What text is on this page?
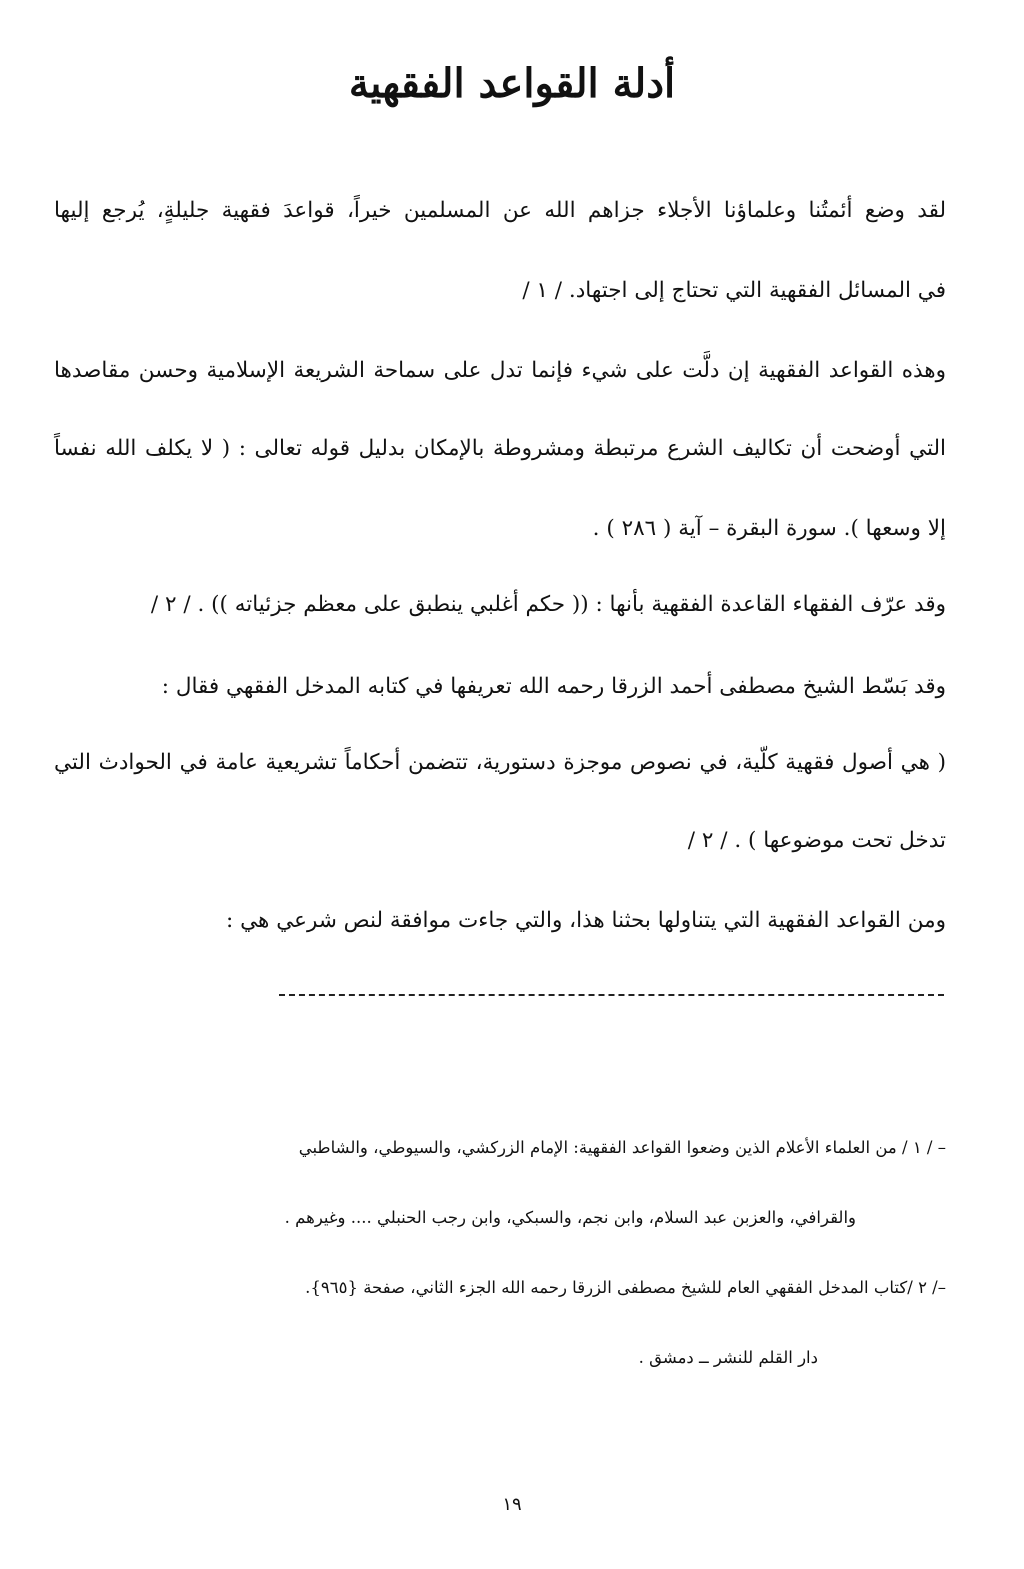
أدلة القواعد الفقهية

لقد وضع أئمتُنا وعلماؤنا الأجلاء جزاهم الله عن المسلمين خيراً، قواعدَ فقهية جليلةٍ، يُرجع إليها

في المسائل الفقهية التي تحتاج إلى اجتهاد. / ١ /

وهذه القواعد الفقهية إن دلَّت على شيء فإنما تدل على سماحة الشريعة الإسلامية وحسن مقاصدها

التي أوضحت أن تكاليف الشرع مرتبطة ومشروطة بالإمكان بدليل قوله تعالى : ( لا يكلف الله نفساً

إلا وسعها ). سورة البقرة – آية ( ٢٨٦ ) .

وقد عرّف الفقهاء القاعدة الفقهية بأنها : (( حكم أغلبي ينطبق على معظم جزئياته )) . / ٢ /

وقد بَسّط الشيخ مصطفى أحمد الزرقا رحمه الله تعريفها في كتابه المدخل الفقهي فقال :

( هي أصول فقهية كلّية، في نصوص موجزة دستورية، تتضمن أحكاماً تشريعية عامة في الحوادث التي

تدخل تحت موضوعها ) . / ٢ /

ومن القواعد الفقهية التي يتناولها بحثنا هذا، والتي جاءت موافقة لنص شرعي هي :

– / ١ / من العلماء الأعلام الذين وضعوا القواعد الفقهية: الإمام الزركشي، والسيوطي، والشاطبي

والقرافي، والعزبن عبد السلام، وابن نجم، والسبكي، وابن رجب الحنبلي .... وغيرهم .

–/ ٢ /كتاب المدخل الفقهي العام للشيخ مصطفى الزرقا رحمه الله الجزء الثاني، صفحة {٩٦٥}.

دار القلم للنشر ــ دمشق .

١٩
